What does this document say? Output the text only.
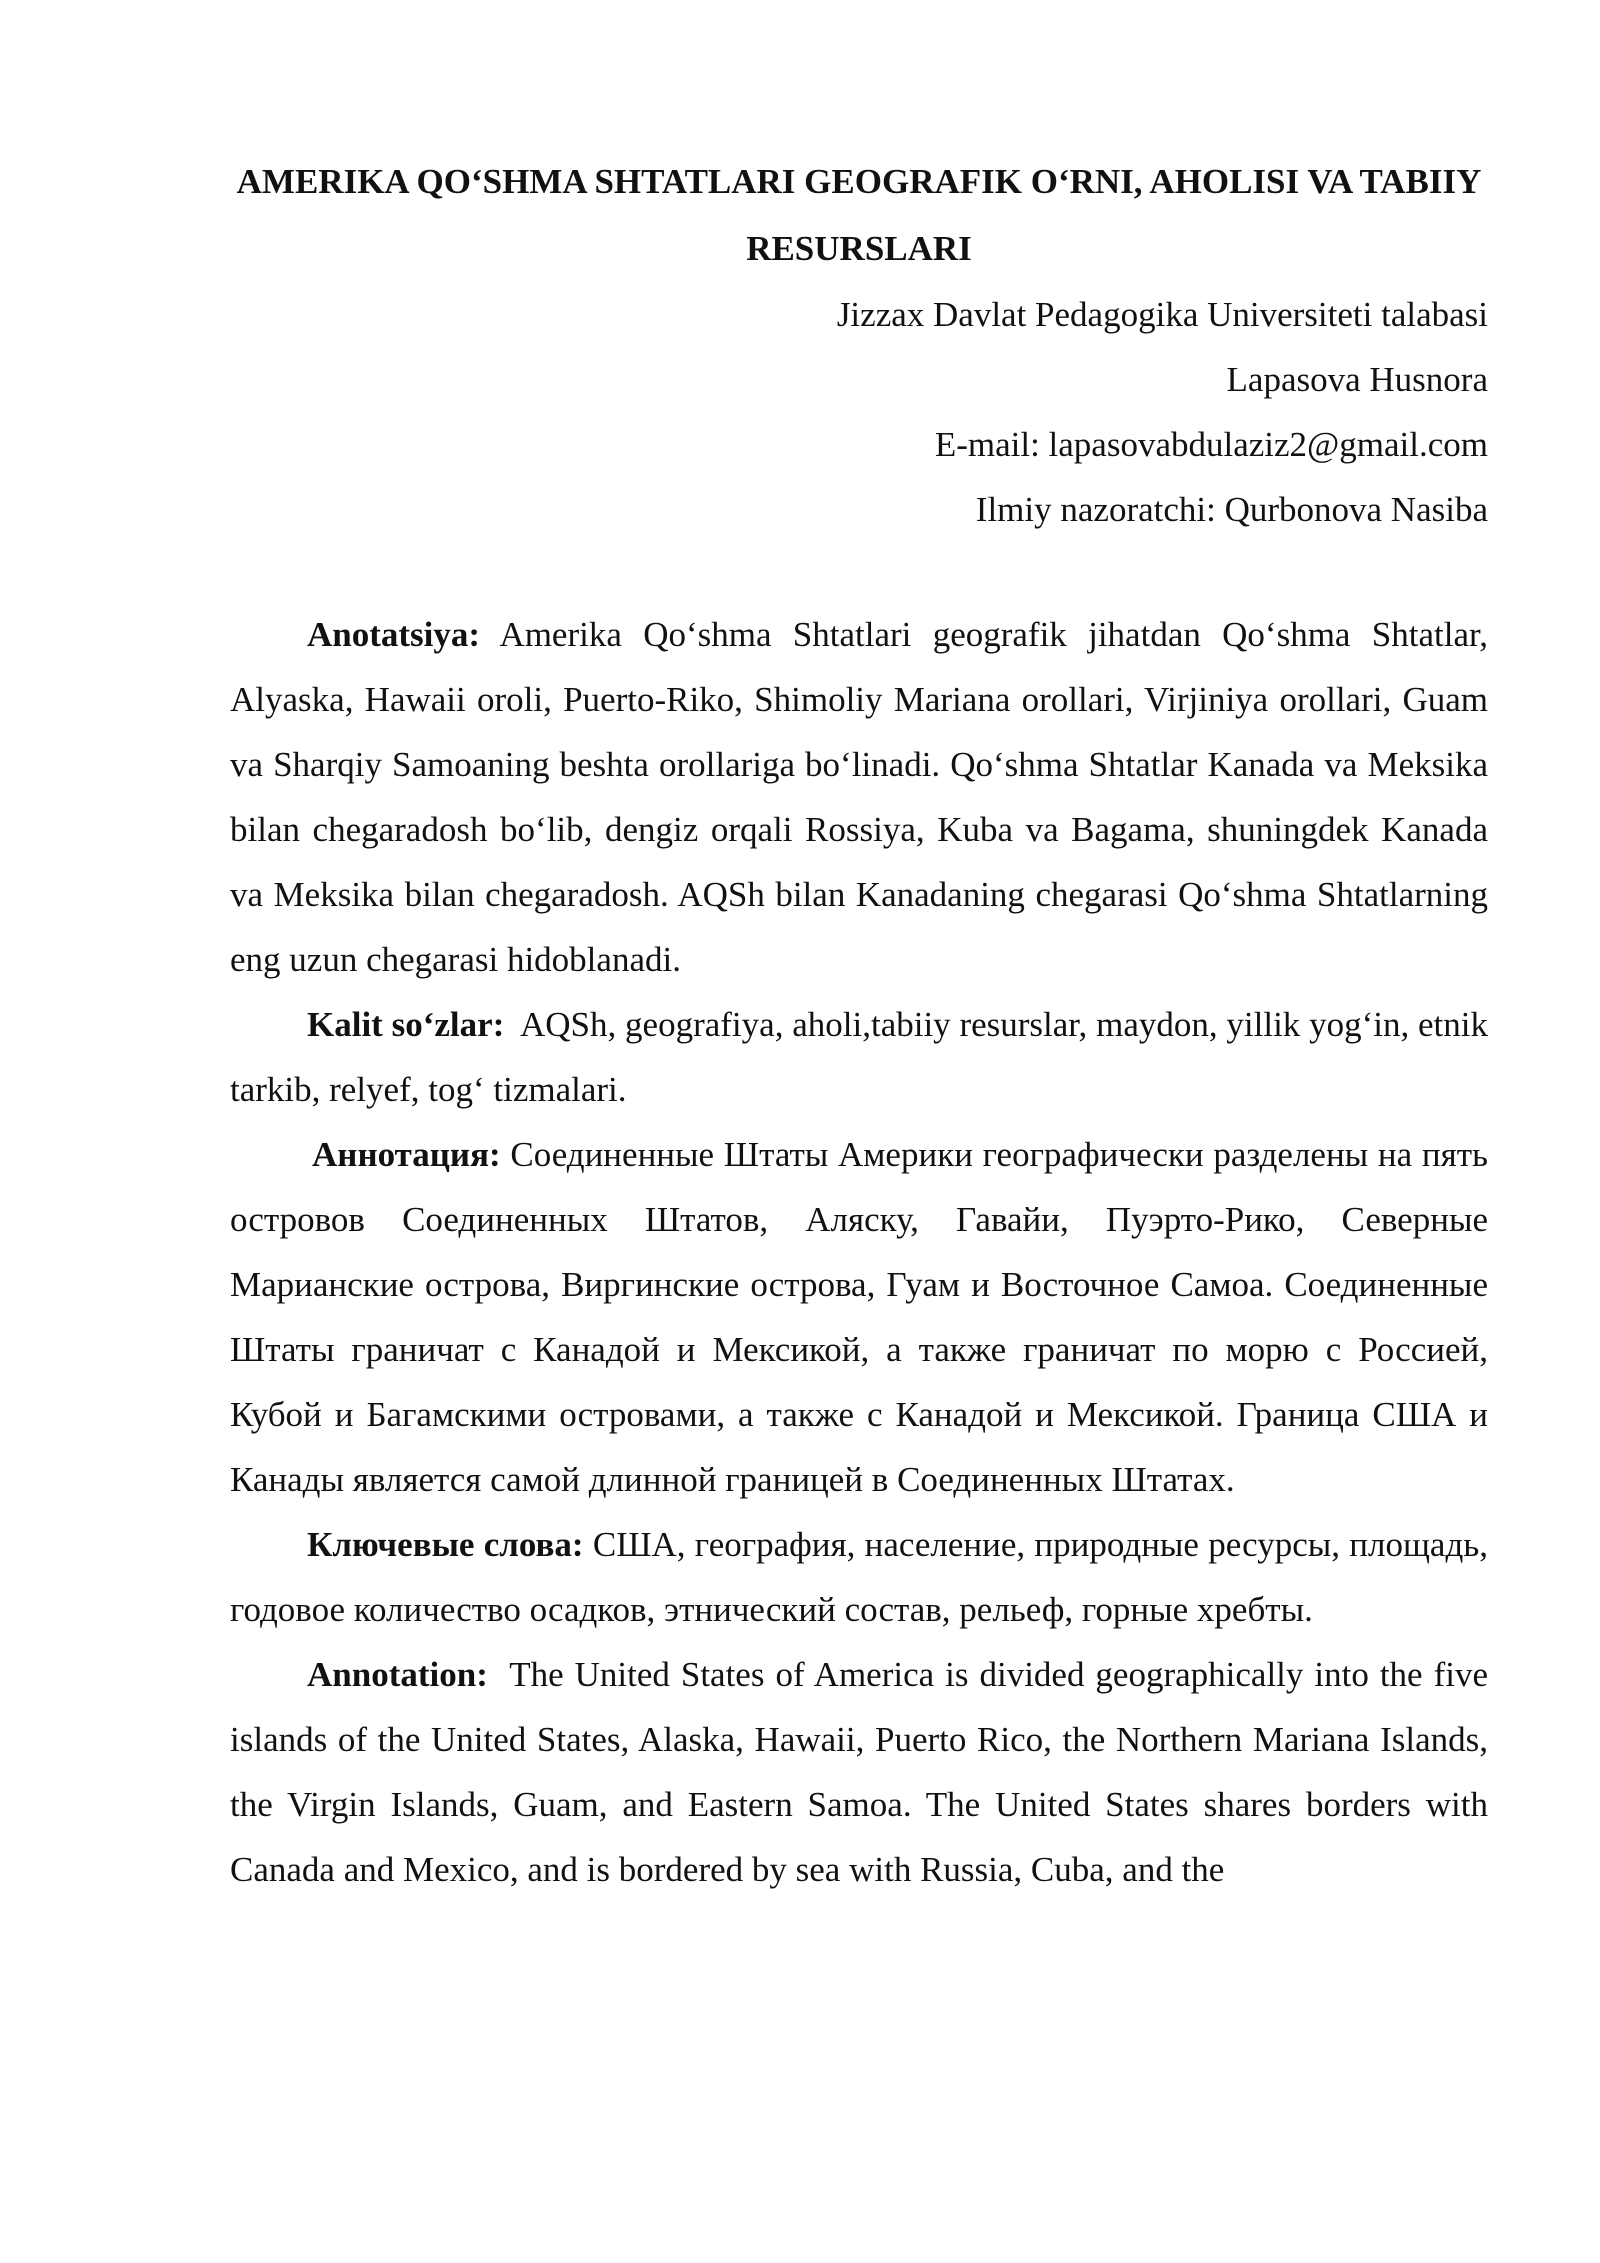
AMERIKA QO‘SHMA SHTATLARI GEOGRAFIK O‘RNI, AHOLISI VA TABIIY RESURSLARI
Jizzax Davlat Pedagogika Universiteti talabasi
Lapasova Husnora
E-mail: lapasovabdulaziz2@gmail.com
Ilmiy nazoratchi: Qurbonova Nasiba

Anotatsiya: Amerika Qo‘shma Shtatlari geografik jihatdan Qo‘shma Shtatlar, Alyaska, Hawaii oroli, Puerto-Riko, Shimoliy Mariana orollari, Virjiniya orollari, Guam va Sharqiy Samoaning beshta orollariga bo‘linadi. Qo‘shma Shtatlar Kanada va Meksika bilan chegaradosh bo‘lib, dengiz orqali Rossiya, Kuba va Bagama, shuningdek Kanada va Meksika bilan chegaradosh. AQSh bilan Kanadaning chegarasi Qo‘shma Shtatlarning eng uzun chegarasi hidoblanadi.

Kalit so‘zlar:  AQSh, geografiya, aholi,tabiiy resurslar, maydon, yillik yog‘in, etnik tarkib, relyef, tog‘ tizmalari.

Аннотация: Соединенные Штаты Америки географически разделены на пять островов Соединенных Штатов, Аляску, Гавайи, Пуэрто-Рико, Северные Марианские острова, Виргинские острова, Гуам и Восточное Самоа. Соединенные Штаты граничат с Канадой и Мексикой, а также граничат по морю с Россией, Кубой и Багамскими островами, а также с Канадой и Мексикой. Граница США и Канады является самой длинной границей в Соединенных Штатах.

Ключевые слова: США, география, население, природные ресурсы, площадь, годовое количество осадков, этнический состав, рельеф, горные хребты.

Annotation:  The United States of America is divided geographically into the five islands of the United States, Alaska, Hawaii, Puerto Rico, the Northern Mariana Islands, the Virgin Islands, Guam, and Eastern Samoa. The United States shares borders with Canada and Mexico, and is bordered by sea with Russia, Cuba, and the
